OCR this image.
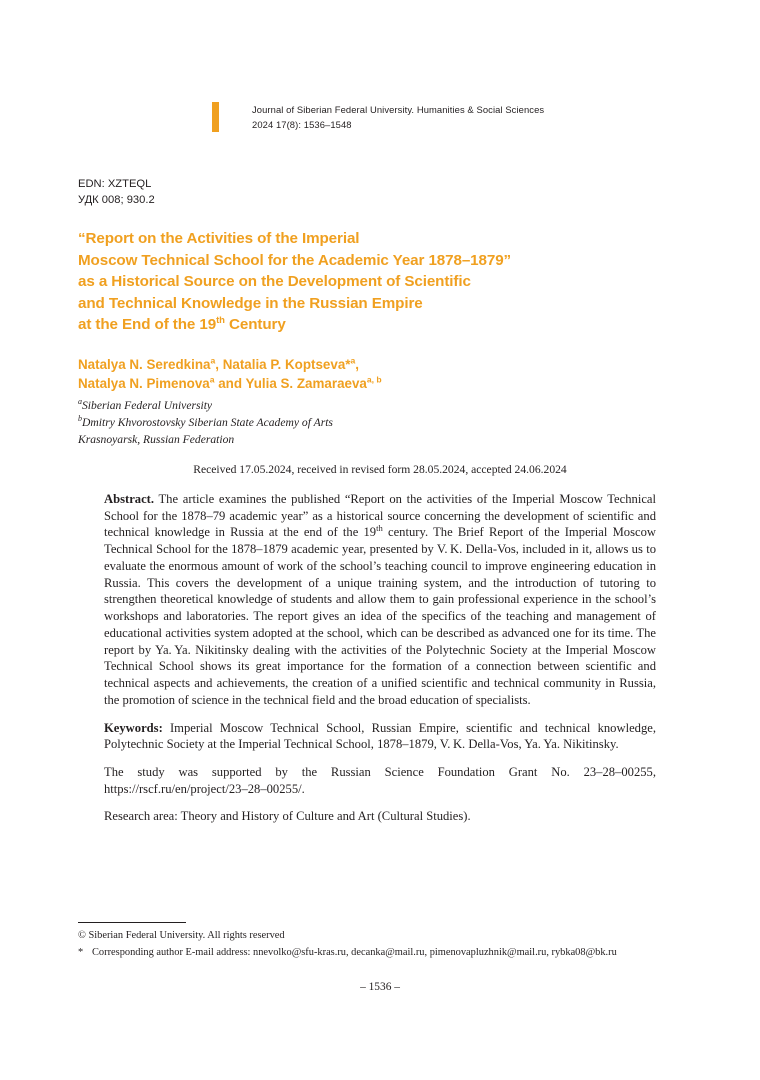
Journal of Siberian Federal University. Humanities & Social Sciences
2024 17(8): 1536–1548
EDN: XZTEQL
УДК 008; 930.2
“Report on the Activities of the Imperial
Moscow Technical School for the Academic Year 1878–1879”
as a Historical Source on the Development of Scientific
and Technical Knowledge in the Russian Empire
at the End of the 19th Century
Natalya N. Seredkina$^a$, Natalia P. Koptseva*$^a$,
Natalya N. Pimenova$^a$ and Yulia S. Zamaraeva$^{a, b}$
$^a$Siberian Federal University
$^b$Dmitry Khvorostovsky Siberian State Academy of Arts
Krasnoyarsk, Russian Federation
Received 17.05.2024, received in revised form 28.05.2024, accepted 24.06.2024

Abstract. The article examines the published “Report on the activities of the Imperial Moscow Technical School for the 1878–79 academic year” as a historical source concerning the development of scientific and technical knowledge in Russia at the end of the 19th century. The Brief Report of the Imperial Moscow Technical School for the 1878–1879 academic year, presented by V. K. Della-Vos, included in it, allows us to evaluate the enormous amount of work of the school’s teaching council to improve engineering education in Russia. This covers the development of a unique training system, and the introduction of tutoring to strengthen theoretical knowledge of students and allow them to gain professional experience in the school’s workshops and laboratories. The report gives an idea of the specifics of the teaching and management of educational activities system adopted at the school, which can be described as advanced one for its time. The report by Ya. Ya. Nikitinsky dealing with the activities of the Polytechnic Society at the Imperial Moscow Technical School shows its great importance for the formation of a connection between scientific and technical aspects and achievements, the creation of a unified scientific and technical community in Russia, the promotion of science in the technical field and the broad education of specialists.

Keywords: Imperial Moscow Technical School, Russian Empire, scientific and technical knowledge, Polytechnic Society at the Imperial Technical School, 1878–1879, V. K. Della-Vos, Ya. Ya. Nikitinsky.

The study was supported by the Russian Science Foundation Grant No. 23–28–00255, https://rscf.ru/en/project/23–28–00255/.

Research area: Theory and History of Culture and Art (Cultural Studies).

© Siberian Federal University. All rights reserved
* Corresponding author E-mail address: nnevolko@sfu-kras.ru, decanka@mail.ru, pimenovapluzhnik@mail.ru, rybka08@bk.ru
– 1536 –
